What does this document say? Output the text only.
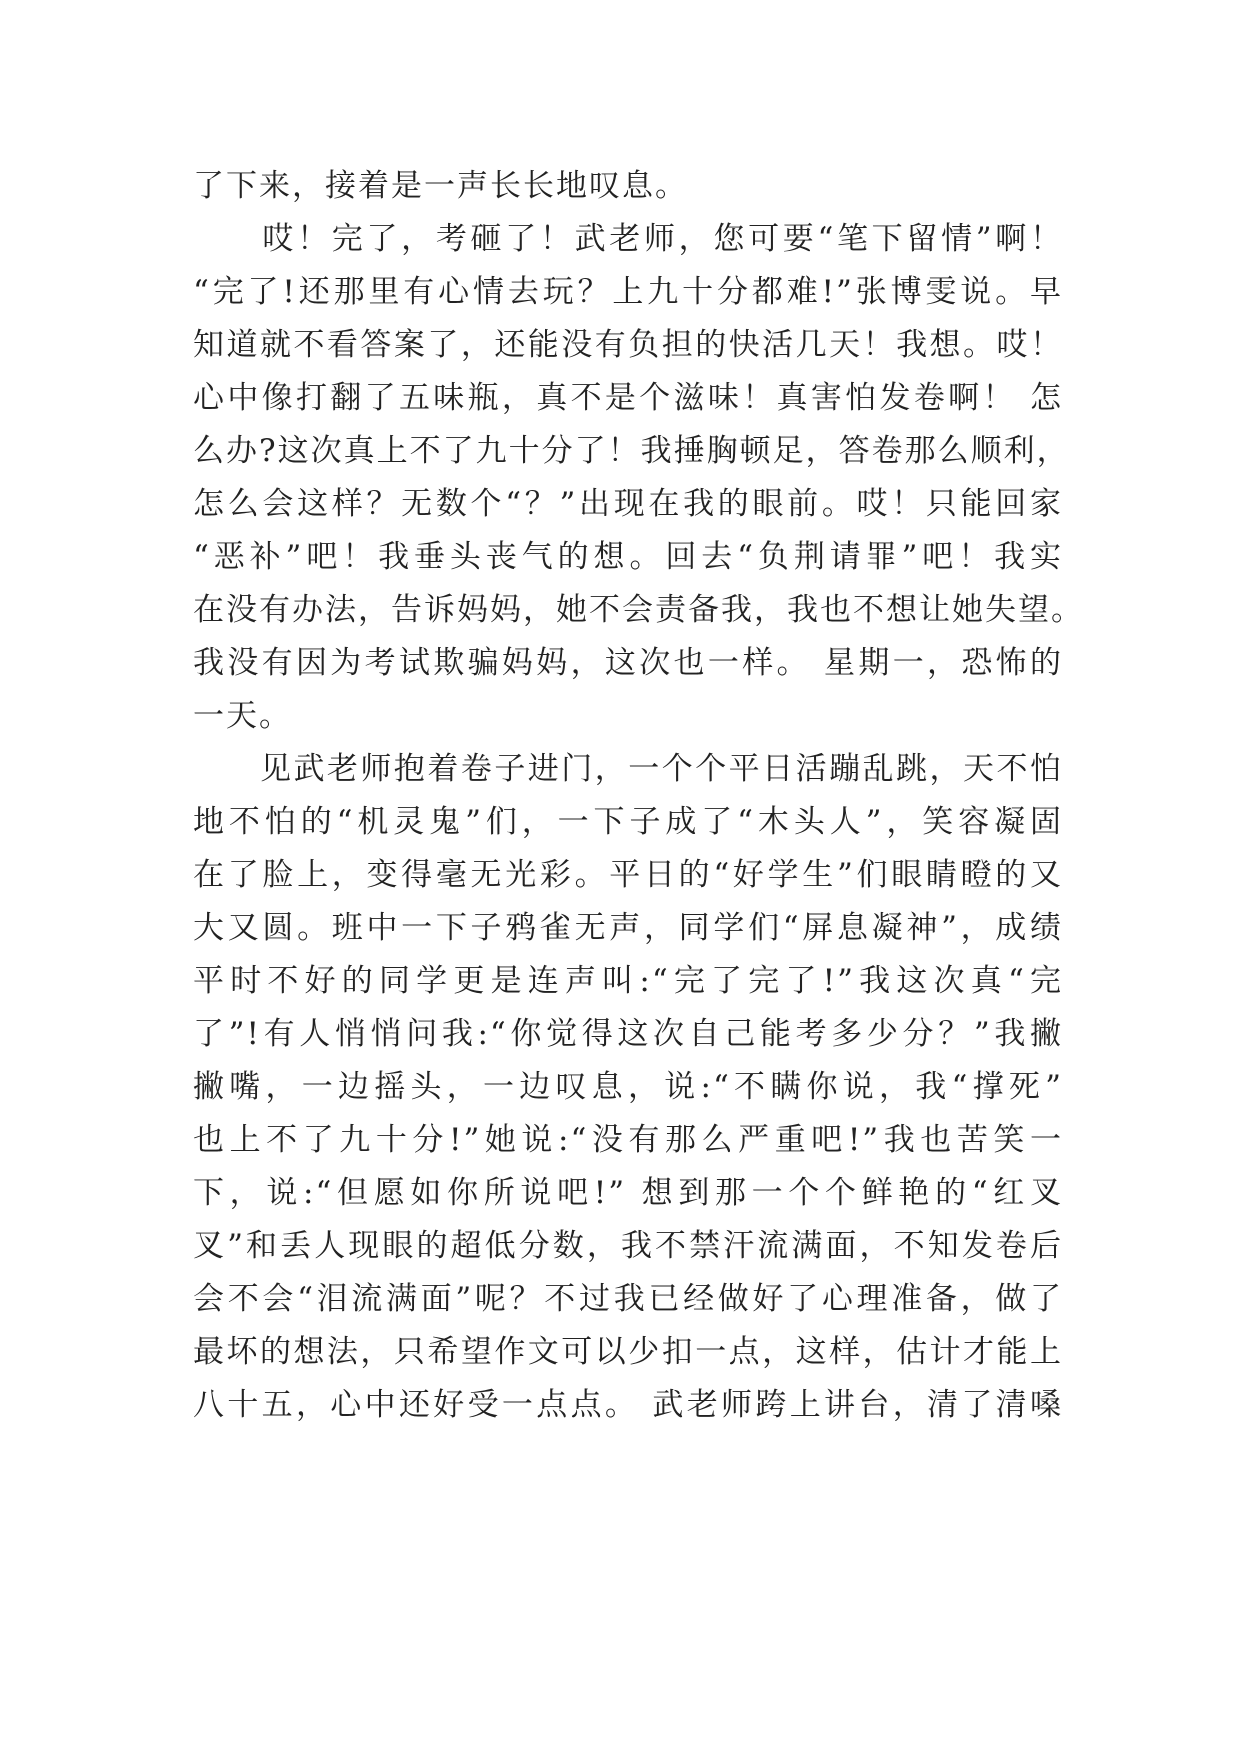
了下来，接着是一声长长地叹息。
　　哎！完了，考砸了！武老师，您可要“笔下留情”啊！
“完了!还那里有心情去玩？上九十分都难!”张博雯说。早
知道就不看答案了，还能没有负担的快活几天！我想。哎！
心中像打翻了五味瓶，真不是个滋味！真害怕发卷啊！ 怎
么办?这次真上不了九十分了！我捶胸顿足，答卷那么顺利，
怎么会这样？无数个“？”出现在我的眼前。哎！只能回家
“恶补”吧！我垂头丧气的想。回去“负荆请罪”吧！我实
在没有办法，告诉妈妈，她不会责备我，我也不想让她失望。
我没有因为考试欺骗妈妈，这次也一样。 星期一，恐怖的
一天。
　　见武老师抱着卷子进门，一个个平日活蹦乱跳，天不怕
地不怕的“机灵鬼”们，一下子成了“木头人”，笑容凝固
在了脸上，变得毫无光彩。平日的“好学生”们眼睛瞪的又
大又圆。班中一下子鸦雀无声，同学们“屏息凝神”，成绩
平时不好的同学更是连声叫:“完了完了!”我这次真“完
了”!有人悄悄问我:“你觉得这次自己能考多少分？”我撇
撇嘴，一边摇头，一边叹息，说:“不瞒你说，我“撑死”
也上不了九十分!”她说:“没有那么严重吧!”我也苦笑一
下，说:“但愿如你所说吧!” 想到那一个个鲜艳的“红叉
叉”和丢人现眼的超低分数，我不禁汗流满面，不知发卷后
会不会“泪流满面”呢？不过我已经做好了心理准备，做了
最坏的想法，只希望作文可以少扣一点，这样，估计才能上
八十五，心中还好受一点点。 武老师跨上讲台，清了清嗓
